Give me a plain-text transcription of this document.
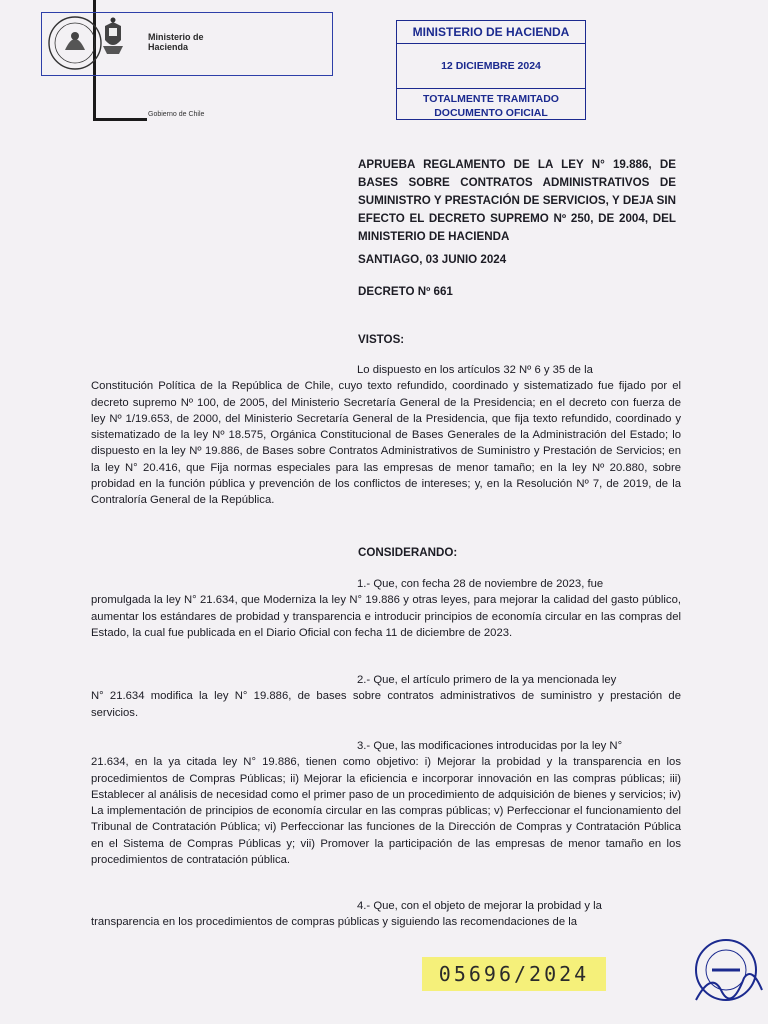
Ministerio de
Hacienda
Gobierno de Chile
MINISTERIO DE HACIENDA
12 DICIEMBRE 2024
TOTALMENTE TRAMITADO
DOCUMENTO OFICIAL
APRUEBA REGLAMENTO DE LA LEY N° 19.886, DE BASES SOBRE CONTRATOS ADMINISTRATIVOS DE SUMINISTRO Y PRESTACIÓN DE SERVICIOS, Y DEJA SIN EFECTO EL DECRETO SUPREMO Nº 250, DE 2004, DEL MINISTERIO DE HACIENDA
SANTIAGO, 03 JUNIO 2024
DECRETO Nº 661
VISTOS:

Lo dispuesto en los artículos 32 Nº 6 y 35 de la

Constitución Política de la República de Chile, cuyo texto refundido, coordinado y sistematizado fue fijado por el decreto supremo Nº 100, de 2005, del Ministerio Secretaría General de la Presidencia; en el decreto con fuerza de ley Nº 1/19.653, de 2000, del Ministerio Secretaría General de la Presidencia, que fija texto refundido, coordinado y sistematizado de la ley Nº 18.575, Orgánica Constitucional de Bases Generales de la Administración del Estado; lo dispuesto en la ley Nº 19.886, de Bases sobre Contratos Administrativos de Suministro y Prestación de Servicios; en la ley N° 20.416, que Fija normas especiales para las empresas de menor tamaño; en la ley Nº 20.880, sobre probidad en la función pública y prevención de los conflictos de intereses; y, en la Resolución Nº 7, de 2019, de la Contraloría General de la República.

CONSIDERANDO:

1.- Que, con fecha 28 de noviembre de 2023, fue

promulgada la ley N° 21.634, que Moderniza la ley N° 19.886 y otras leyes, para mejorar la calidad del gasto público, aumentar los estándares de probidad y transparencia e introducir principios de economía circular en las compras del Estado, la cual fue publicada en el Diario Oficial con fecha 11 de diciembre de 2023.

2.- Que, el artículo primero de la ya mencionada ley

N° 21.634 modifica la ley N° 19.886, de bases sobre contratos administrativos de suministro y prestación de servicios.

3.- Que, las modificaciones introducidas por la ley N°

21.634, en la ya citada ley N° 19.886, tienen como objetivo: i) Mejorar la probidad y la transparencia en los procedimientos de Compras Públicas; ii) Mejorar la eficiencia e incorporar innovación en las compras públicas; iii) Establecer al análisis de necesidad como el primer paso de un procedimiento de adquisición de bienes y servicios; iv) La implementación de principios de economía circular en las compras públicas; v) Perfeccionar el funcionamiento del Tribunal de Contratación Pública; vi) Perfeccionar las funciones de la Dirección de Compras y Contratación Pública en el Sistema de Compras Públicas y; vii) Promover la participación de las empresas de menor tamaño en los procedimientos de contratación pública.

4.- Que, con el objeto de mejorar la probidad y la

transparencia en los procedimientos de compras públicas y siguiendo las recomendaciones de la

05696/2024
